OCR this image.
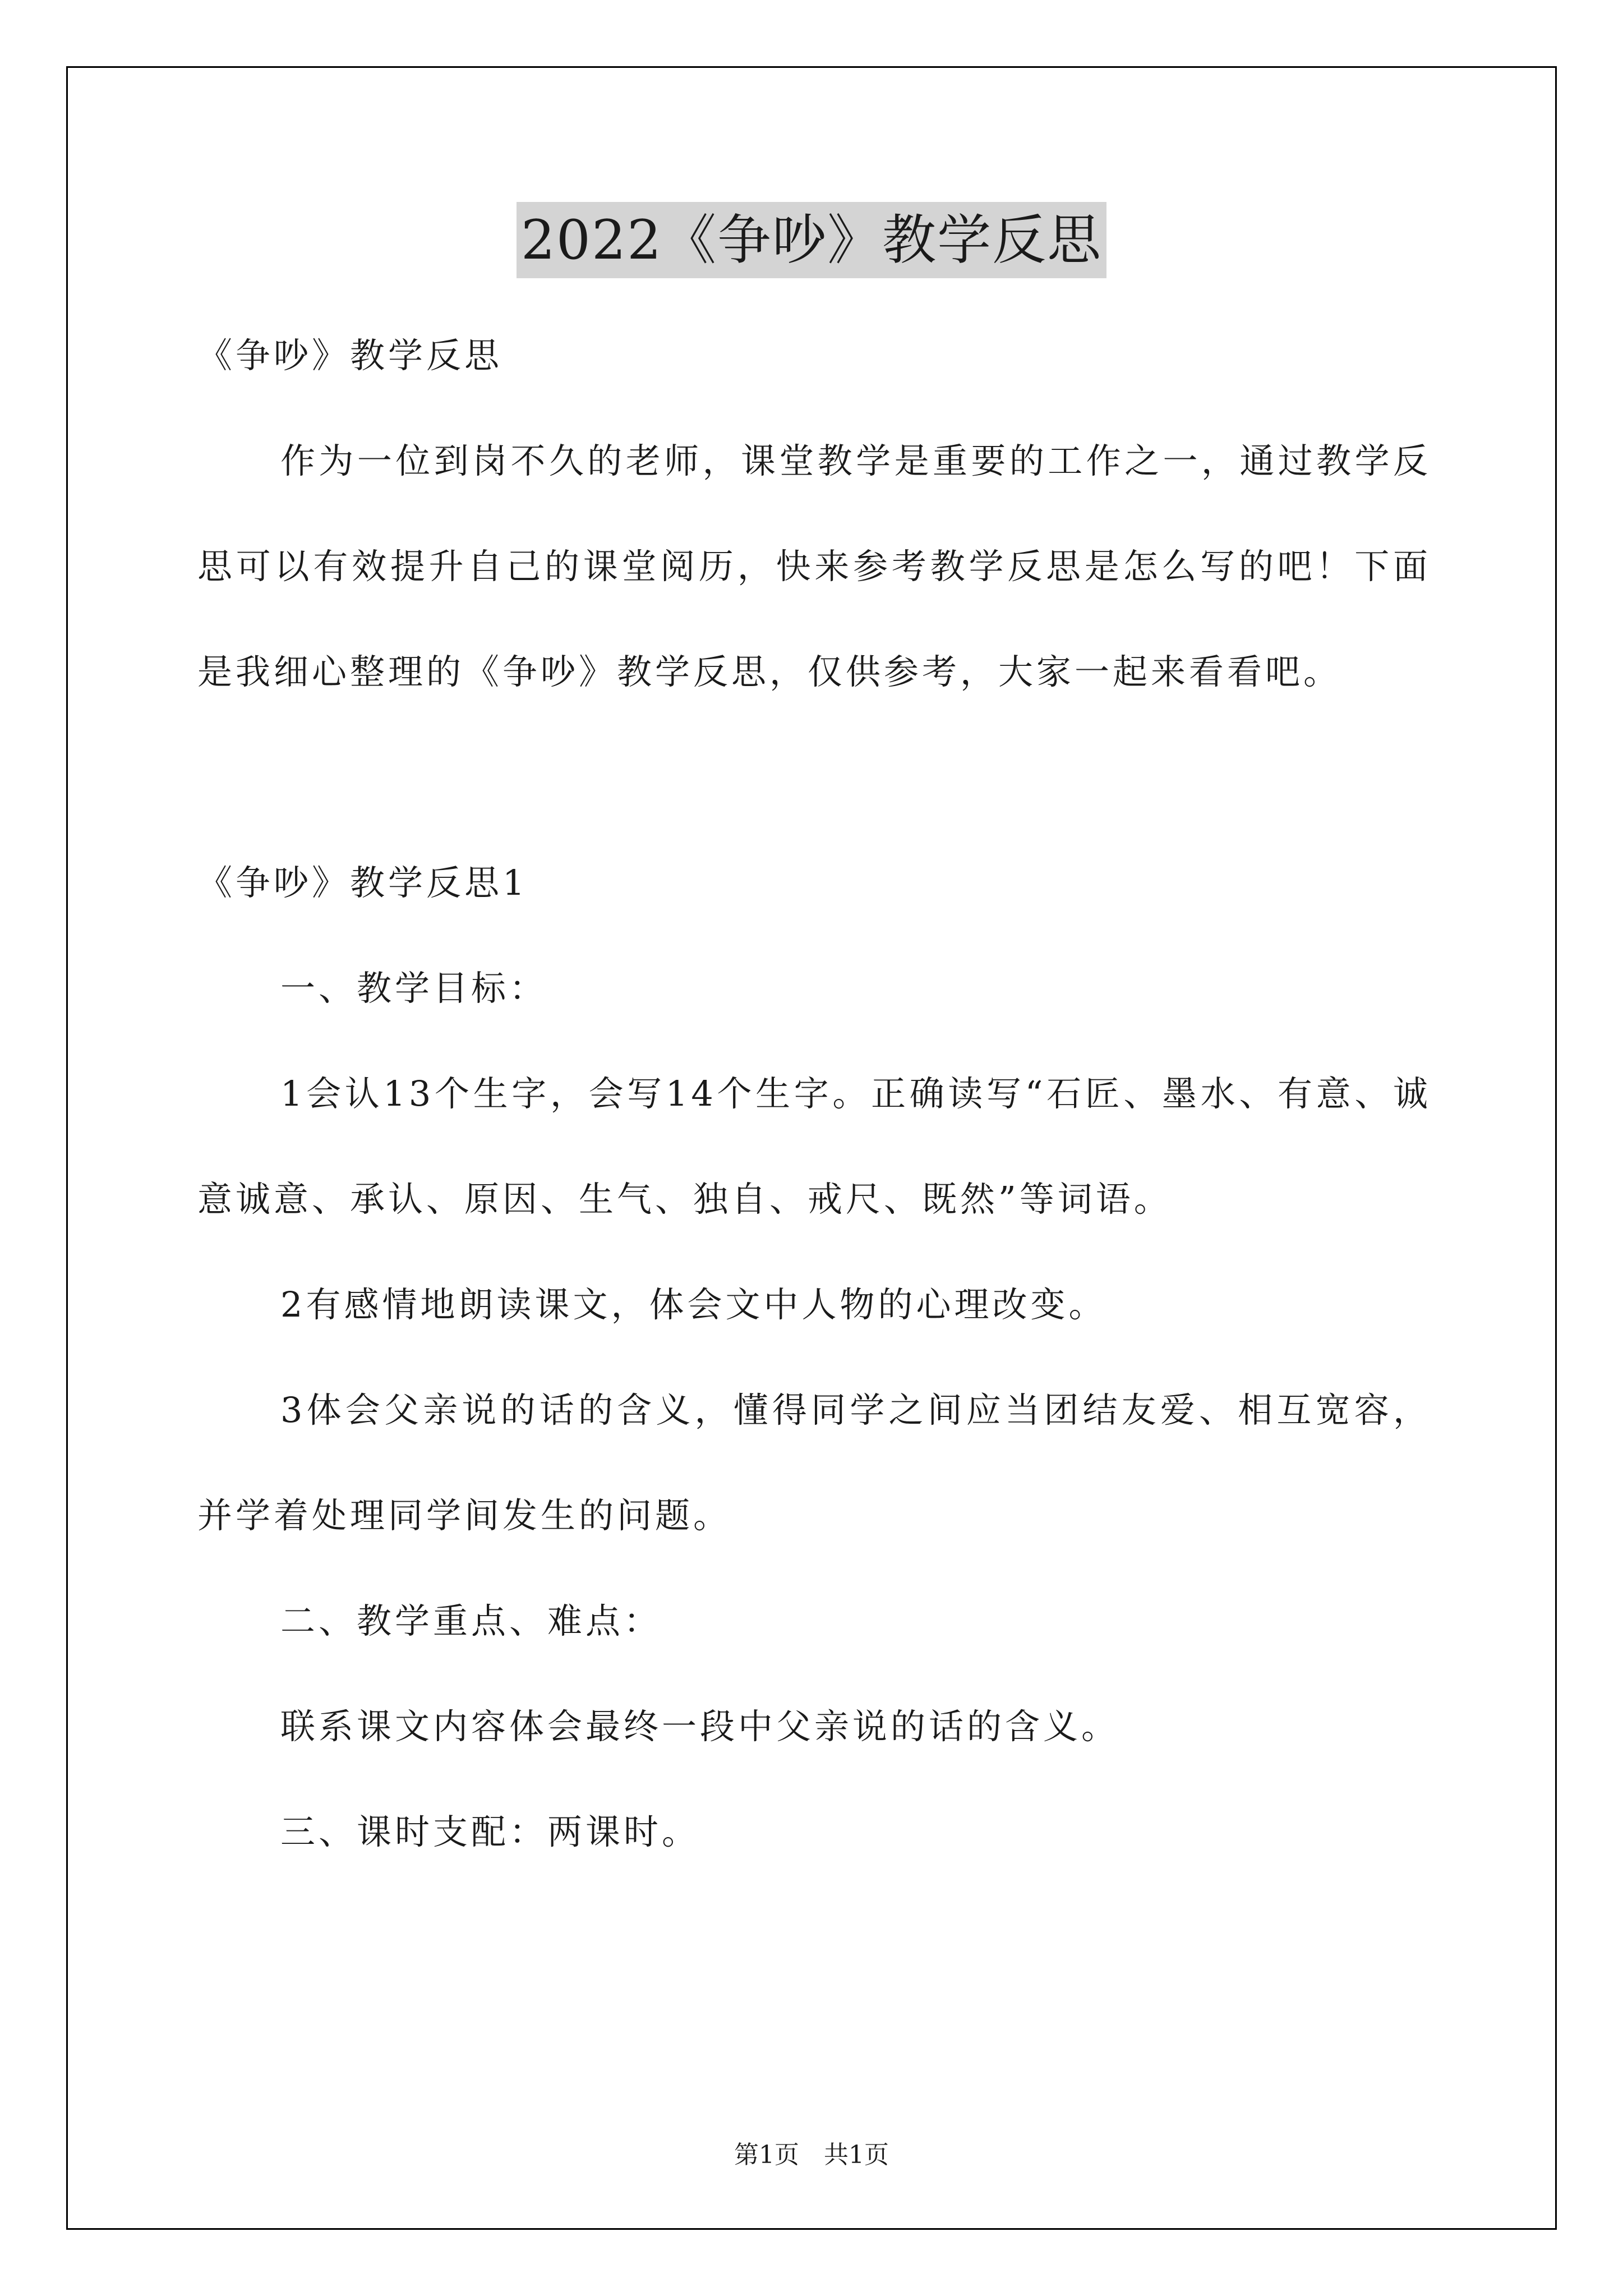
2022《争吵》教学反思

《争吵》教学反思

作为一位到岗不久的老师，课堂教学是重要的工作之一，通过教学反思可以有效提升自己的课堂阅历，快来参考教学反思是怎么写的吧！下面是我细心整理的《争吵》教学反思，仅供参考，大家一起来看看吧。

《争吵》教学反思1

一、教学目标：

1会认13个生字，会写14个生字。正确读写“石匠、墨水、有意、诚意诚意、承认、原因、生气、独自、戒尺、既然”等词语。

2有感情地朗读课文，体会文中人物的心理改变。

3体会父亲说的话的含义，懂得同学之间应当团结友爱、相互宽容，并学着处理同学间发生的问题。

二、教学重点、难点：

联系课文内容体会最终一段中父亲说的话的含义。

三、课时支配：两课时。

第1页　共1页
